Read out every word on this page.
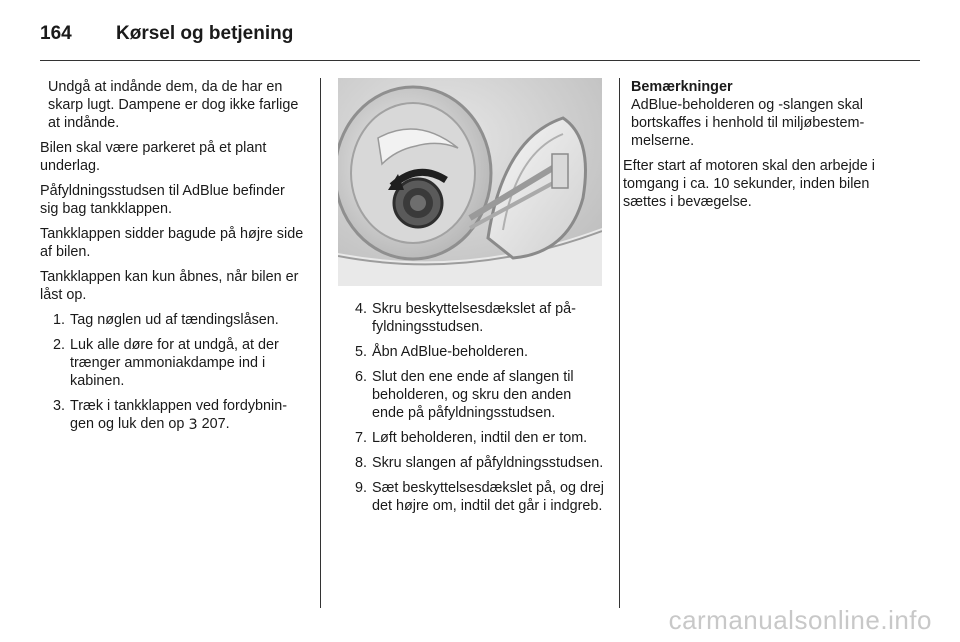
164	Kørsel og betjening

Undgå at indånde dem, da de har en skarp lugt. Dampene er dog ikke farlige at indånde.

Bilen skal være parkeret på et plant underlag.

Påfyldningsstudsen til AdBlue befinder sig bag tankklappen.

Tankklappen sidder bagude på højre side af bilen.

Tankklappen kan kun åbnes, når bilen er låst op.

1. Tag nøglen ud af tændingslåsen.
2. Luk alle døre for at undgå, at der trænger ammoniakdampe ind i kabinen.
3. Træk i tankklappen ved fordybningen og luk den op 3 207.
4. Skru beskyttelsesdækslet af påfyldningsstudsen.
5. Åbn AdBlue-beholderen.
6. Slut den ene ende af slangen til beholderen, og skru den anden ende på påfyldningsstudsen.
7. Løft beholderen, indtil den er tom.
8. Skru slangen af påfyldningsstudsen.
9. Sæt beskyttelsesdækslet på, og drej det højre om, indtil det går i indgreb.
Bemærkninger
AdBlue-beholderen og -slangen skal bortskaffes i henhold til miljøbestemmelserne.

Efter start af motoren skal den arbejde i tomgang i ca. 10 sekunder, inden bilen sættes i bevægelse.

carmanualsonline.info
